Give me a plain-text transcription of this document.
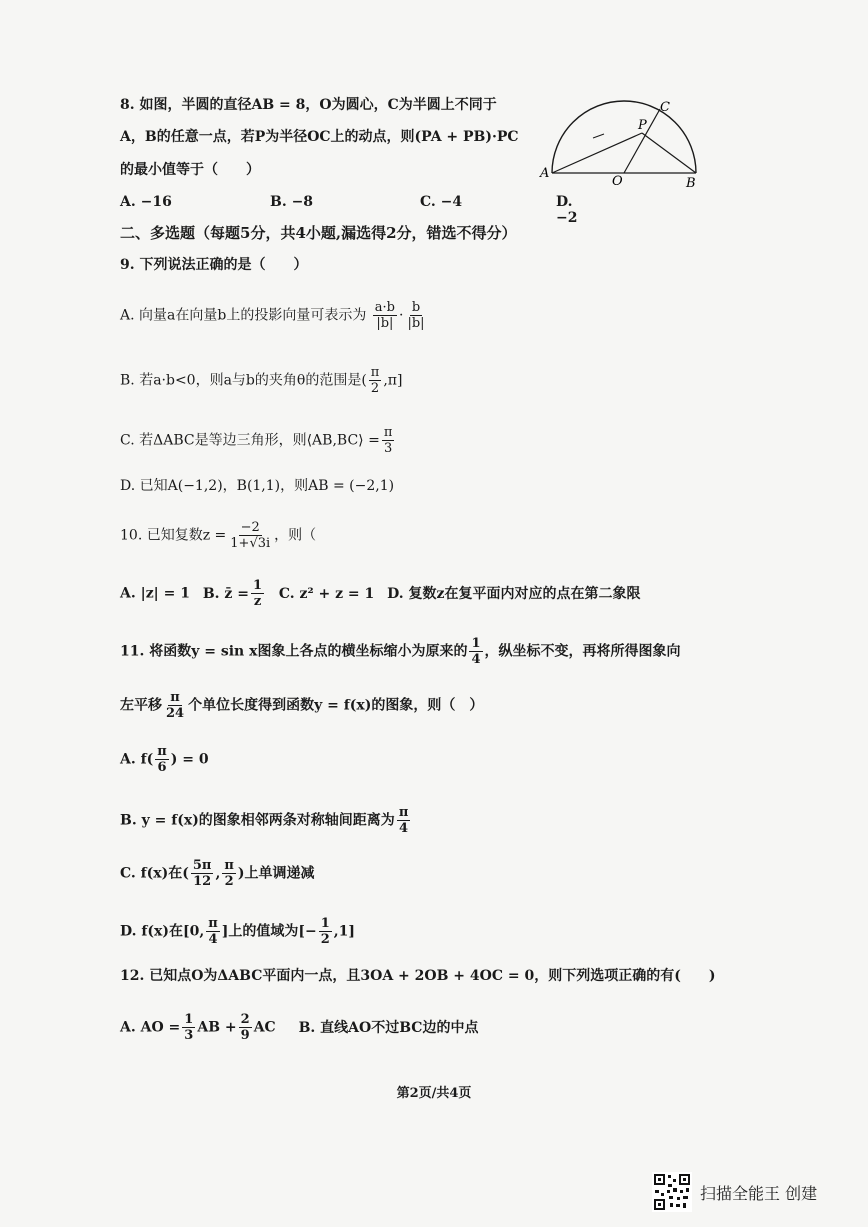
8. 如图，半圆的直径AB = 8，O为圆心，C为半圆上不同于
A，B的任意一点，若P为半径OC上的动点，则(PA + PB)·PC
的最小值等于（　　）	A
B
C
O
P
A. −16	B. −8	C. −4	D. −2
二、多选题（每题5分，共4小题,漏选得2分，错选不得分）
9. 下列说法正确的是（　　）
A. 向量a在向量b上的投影向量可表示为 $\frac{a\cdot b}{|b|} \cdot \frac{b}{|b|}$
B. 若a·b<0，则a与b的夹角θ的范围是( $\frac{\pi}{2} ,\pi$]
C. 若ΔABC是等边三角形，则⟨AB,BC⟩ = $\frac{\pi}{3}$
D. 已知A(−1,2)，B(1,1)，则AB = (−2,1)
10. 已知复数$z = \frac{-2}{1+√3i}$ ，则（
A. |z| = 1 B. z̄ = $\frac{1}{z} C$. z² + z = 1 D. 复数z在复平面内对应的点在第二象限
11. 将函数y = sin x图象上各点的横坐标缩小为原来的 $\frac{1}{4}$ ，纵坐标不变，再将所得图象向
左平移 $\frac{\pi}{24}$ 个单位长度得到函数y = f(x)的图象，则（　）
A. $f( \frac{\pi}{6}$ ) = 0
B. y = f(x)的图象相邻两条对称轴间距离为 $\frac{\pi}{4}$
C. f(x)在( $\frac{5\pi}{12}$ , $\frac{\pi}{2}$ )上单调递减
D. f(x)在[0, $\frac{\pi}{4}$ ]上的值域为[− $\frac{1}{2} ,1$]
12. 已知点O为ΔABC平面内一点，且3OA + 2OB + 4OC = 0，则下列选项正确的有(　　)
A. AO = $\frac{1}{3}$ AB + $\frac{2}{9}$ AC B. 直线AO不过BC边的中点
第2页/共4页
扫描全能王 创建
